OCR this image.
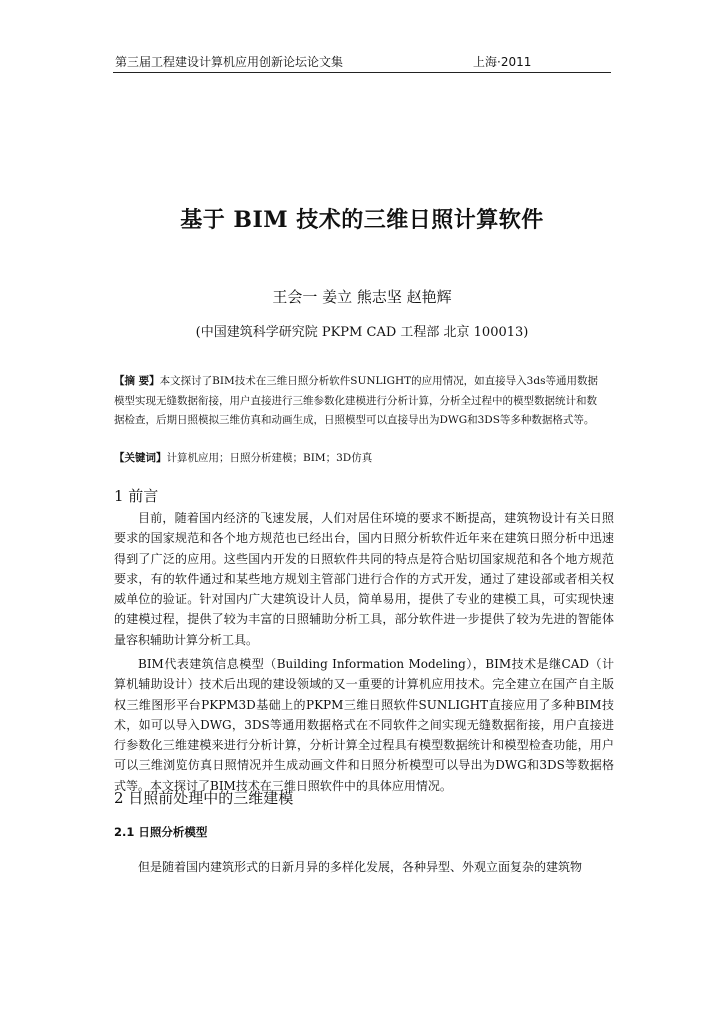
第三届工程建设计算机应用创新论坛论文集	上海·2011
基于 BIM 技术的三维日照计算软件
王会一 姜立 熊志坚 赵艳辉
(中国建筑科学研究院 PKPM CAD 工程部 北京 100013)
【摘 要】本文探讨了BIM技术在三维日照分析软件SUNLIGHT的应用情况，如直接导入3ds等通用数据模型实现无缝数据衔接，用户直接进行三维参数化建模进行分析计算，分析全过程中的模型数据统计和数据检查，后期日照模拟三维仿真和动画生成，日照模型可以直接导出为DWG和3DS等多种数据格式等。
【关键词】计算机应用；日照分析建模；BIM；3D仿真
1 前言
目前，随着国内经济的飞速发展，人们对居住环境的要求不断提高，建筑物设计有关日照要求的国家规范和各个地方规范也已经出台，国内日照分析软件近年来在建筑日照分析中迅速得到了广泛的应用。这些国内开发的日照软件共同的特点是符合贴切国家规范和各个地方规范要求，有的软件通过和某些地方规划主管部门进行合作的方式开发，通过了建设部或者相关权威单位的验证。针对国内广大建筑设计人员，简单易用，提供了专业的建模工具，可实现快速的建模过程，提供了较为丰富的日照辅助分析工具，部分软件进一步提供了较为先进的智能体量容积辅助计算分析工具。
BIM代表建筑信息模型（Building Information Modeling），BIM技术是继CAD（计算机辅助设计）技术后出现的建设领域的又一重要的计算机应用技术。完全建立在国产自主版权三维图形平台PKPM3D基础上的PKPM三维日照软件SUNLIGHT直接应用了多种BIM技术，如可以导入DWG，3DS等通用数据格式在不同软件之间实现无缝数据衔接，用户直接进行参数化三维建模来进行分析计算，分析计算全过程具有模型数据统计和模型检查功能，用户可以三维浏览仿真日照情况并生成动画文件和日照分析模型可以导出为DWG和3DS等数据格式等。本文探讨了BIM技术在三维日照软件中的具体应用情况。
2 日照前处理中的三维建模
2.1 日照分析模型
但是随着国内建筑形式的日新月异的多样化发展，各种异型、外观立面复杂的建筑物
